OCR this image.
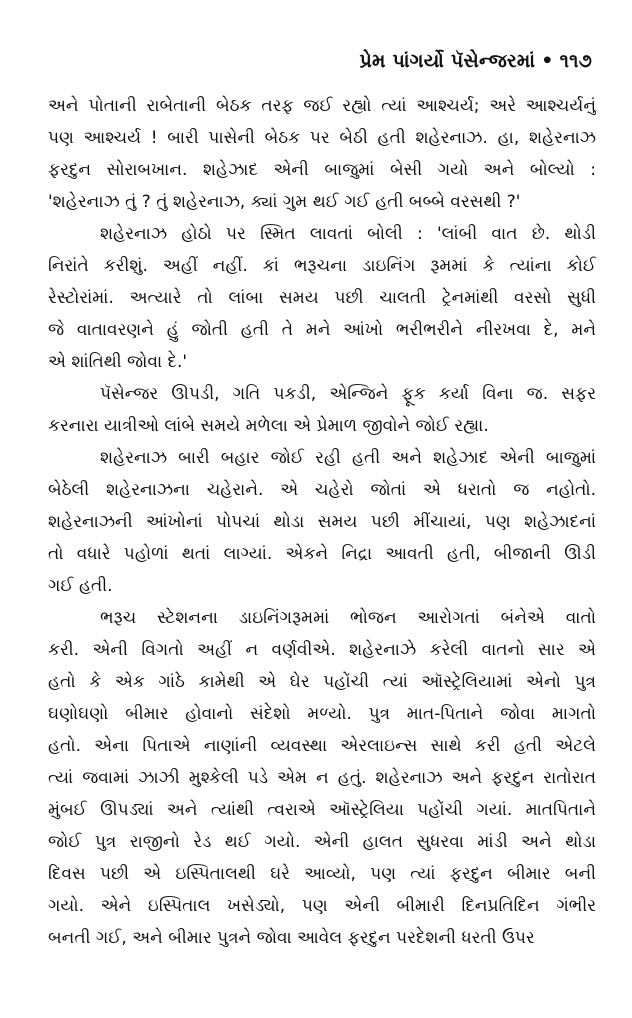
પ્રેમ પાંગર્યો પૅસેન્જરમાં • ૧૧૭
અને પોતાની રાબેતાની બેઠક તરફ જઈ રહ્યો ત્યાં આશ્ચર્ય; અરે આશ્ચર્યનું
પણ આશ્ચર્ય ! બારી પાસેની બેઠક પર બેઠી હતી શહેરનાઝ. હા, શહેરનાઝ
ફરદુન સોરાબખાન. શહેઝાદ એની બાજુમાં બેસી ગયો અને બોલ્યો :
'શહેરનાઝ તું ? તું શહેરનાઝ, ક્યાં ગુમ થઈ ગઈ હતી બબ્બે વરસથી ?'
શહેરનાઝ હોઠો પર સ્મિત લાવતાં બોલી : 'લાંબી વાત છે. થોડી
નિરાંતે કરીશું. અહીં નહીં. કાં ભરૂચના ડાઇનિંગ રૂમમાં કે ત્યાંના કોઈ
રેસ્ટોરાંમાં. અત્યારે તો લાંબા સમય પછી ચાલતી ટ્રેનમાંથી વરસો સુધી
જે વાતાવરણને હું જોતી હતી તે મને આંખો ભરીભરીને નીરખવા દે, મને
એ શાંતિથી જોવા દે.'
પૅસેન્જર ઊપડી, ગતિ પકડી, એન્જિને ફૂક કર્યા વિના જ. સફર
કરનારા યાત્રીઓ લાંબે સમયે મળેલા એ પ્રેમાળ જીવોને જોઈ રહ્યા.
શહેરનાઝ બારી બહાર જોઈ રહી હતી અને શહેઝાદ એની બાજુમાં
બેઠેલી શહેરનાઝના ચહેરાને. એ ચહેરો જોતાં એ ધરાતો જ નહોતો.
શહેરનાઝની આંખોનાં પોપચાં થોડા સમય પછી મીંચાયાં, પણ શહેઝાદનાં
તો વધારે પહોળાં થતાં લાગ્યાં. એકને નિદ્રા આવતી હતી, બીજાની ઊડી
ગઈ હતી.
ભરૂચ સ્ટેશનના ડાઇનિંગરૂમમાં ભોજન આરોગતાં બંનેએ વાતો
કરી. એની વિગતો અહીં ન વર્ણવીએ. શહેરનાઝે કરેલી વાતનો સાર એ
હતો કે એક ગાંઠે કામેથી એ ઘેર પહોંચી ત્યાં ઑસ્ટ્રેલિયામાં એનો પુત્ર
ઘણોઘણો બીમાર હોવાનો સંદેશો મળ્યો. પુત્ર માત-પિતાને જોવા માગતો
હતો. એના પિતાએ નાણાંની વ્યવસ્થા એરલાઇન્સ સાથે કરી હતી એટલે
ત્યાં જવામાં ઝાઝી મુશ્કેલી પડે એમ ન હતું. શહેરનાઝ અને ફરદુન રાતોરાત
મુંબઈ ઊપડ્યાં અને ત્યાંથી ત્વરાએ ઑસ્ટ્રેલિયા પહોંચી ગયાં. માતપિતાને
જોઈ પુત્ર રાજીનો રેડ થઈ ગયો. એની હાલત સુધરવા માંડી અને થોડા
દિવસ પછી એ ઇસ્પિતાલથી ઘરે આવ્યો, પણ ત્યાં ફરદુન બીમાર બની
ગયો. એને ઇસ્પિતાલ ખસેડ્યો, પણ એની બીમારી દિનપ્રતિદિન ગંભીર
બનતી ગઈ, અને બીમાર પુત્રને જોવા આવેલ ફરદુન પરદેશની ધરતી ઉપર
